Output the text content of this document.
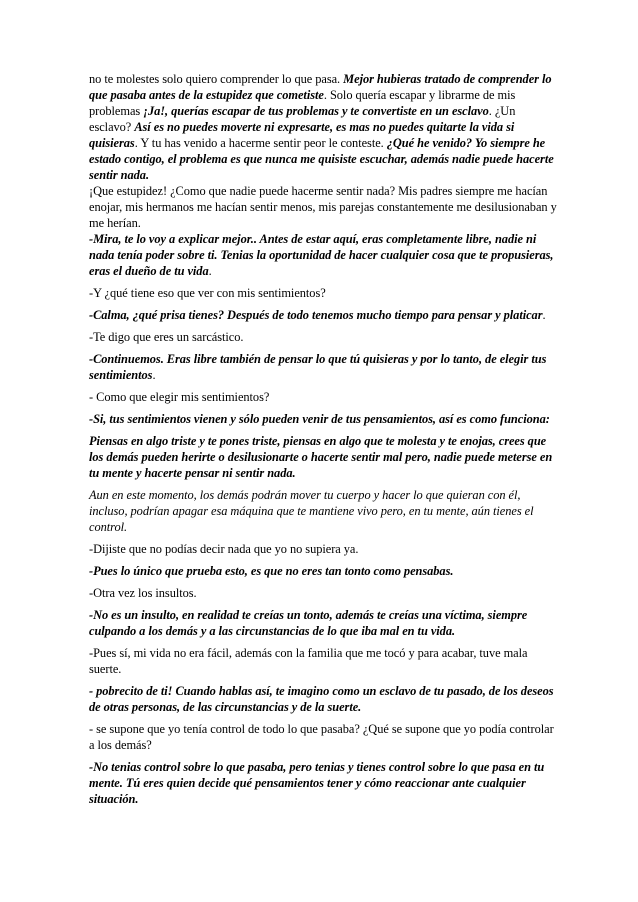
no te molestes solo quiero comprender lo que pasa. Mejor hubieras tratado de comprender lo que pasaba antes de la estupidez que cometiste. Solo quería escapar y librarme de mis problemas ¡Ja!, querías escapar de tus problemas y te convertiste en un esclavo. ¿Un esclavo? Así es no puedes moverte ni expresarte, es mas no puedes quitarte la vida si quisieras. Y tu has venido a hacerme sentir peor le conteste. ¿Qué he venido? Yo siempre he estado contigo, el problema es que nunca me quisiste escuchar, además nadie puede hacerte sentir nada.

¡Que estupidez! ¿Como que nadie puede hacerme sentir nada? Mis padres siempre me hacían enojar, mis hermanos me hacían sentir menos, mis parejas constantemente me desilusionaban y me herían.

-Mira, te lo voy a explicar mejor.. Antes de estar aquí, eras completamente libre, nadie ni nada tenía poder sobre ti. Tenias la oportunidad de hacer cualquier cosa que te propusieras, eras el dueño de tu vida.

-Y ¿qué tiene eso que ver con mis sentimientos?

-Calma, ¿qué prisa tienes? Después de todo tenemos mucho tiempo para pensar y platicar.

-Te digo que eres un sarcástico.

-Continuemos. Eras libre también de pensar lo que tú quisieras y por lo tanto, de elegir tus sentimientos.

- Como que elegir mis sentimientos?

-Si, tus sentimientos vienen y sólo pueden venir de tus pensamientos, así es como funciona:

Piensas en algo triste y te pones triste, piensas en algo que te molesta y te enojas, crees que los demás pueden herirte o desilusionarte o hacerte sentir mal pero, nadie puede meterse en tu mente y hacerte pensar ni sentir nada.

Aun en este momento, los demás podrán mover tu cuerpo y hacer lo que quieran con él, incluso, podrían apagar esa máquina que te mantiene vivo pero, en tu mente, aún tienes el control.

-Dijiste que no podías decir nada que yo no supiera ya.

-Pues lo único que prueba esto, es que no eres tan tonto como pensabas.

-Otra vez los insultos.

-No es un insulto, en realidad te creías un tonto, además te creías una víctima, siempre culpando a los demás y a las circunstancias de lo que iba mal en tu vida.

-Pues sí, mi vida no era fácil, además con la familia que me tocó y para acabar, tuve mala suerte.

- pobrecito de ti! Cuando hablas así, te imagino como un esclavo de tu pasado, de los deseos de otras personas, de las circunstancias y de la suerte.

- se supone que yo tenía control de todo lo que pasaba? ¿Qué se supone que yo podía controlar a los demás?

-No tenias control sobre lo que pasaba, pero tenias y tienes control sobre lo que pasa en tu mente. Tú eres quien decide qué pensamientos tener y cómo reaccionar ante cualquier situación.
